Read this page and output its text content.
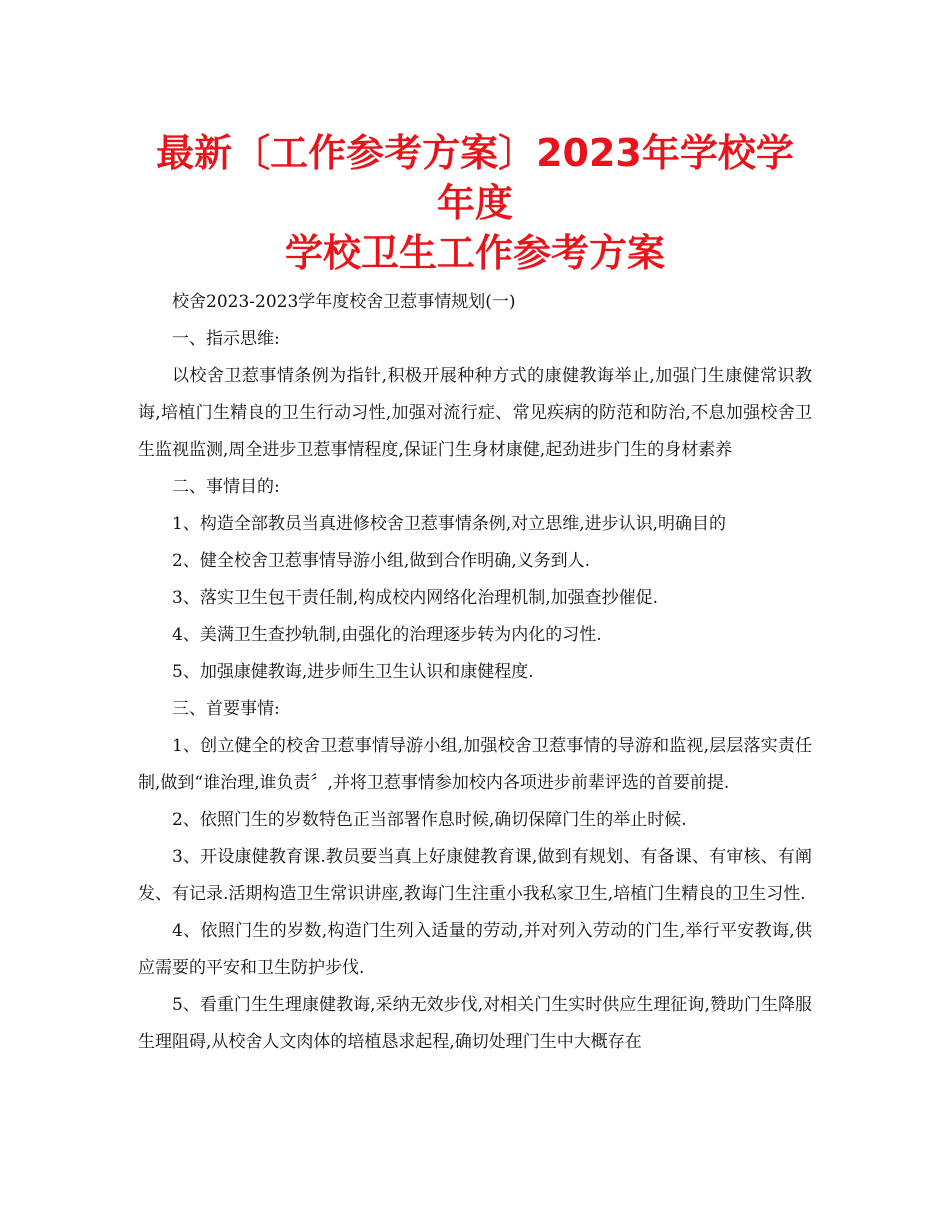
最新〔工作参考方案〕2023年学校学年度
学校卫生工作参考方案

校舍2023-2023学年度校舍卫惹事情规划(一)

一、指示思维:

以校舍卫惹事情条例为指针,积极开展种种方式的康健教诲举止,加强门生康健常识教诲,培植门生精良的卫生行动习性,加强对流行症、常见疾病的防范和防治,不息加强校舍卫生监视监测,周全进步卫惹事情程度,保证门生身材康健,起劲进步门生的身材素养

二、事情目的:

1、构造全部教员当真进修校舍卫惹事情条例,对立思维,进步认识,明确目的

2、健全校舍卫惹事情导游小组,做到合作明确,义务到人.

3、落实卫生包干责任制,构成校内网络化治理机制,加强查抄催促.

4、美满卫生查抄轨制,由强化的治理逐步转为内化的习性.

5、加强康健教诲,进步师生卫生认识和康健程度.

三、首要事情:

1、创立健全的校舍卫惹事情导游小组,加强校舍卫惹事情的导游和监视,层层落实责任制,做到“谁治理,谁负责〞,并将卫惹事情参加校内各项进步前辈评选的首要前提.

2、依照门生的岁数特色正当部署作息时候,确切保障门生的举止时候.

3、开设康健教育课.教员要当真上好康健教育课,做到有规划、有备课、有审核、有阐发、有记录.活期构造卫生常识讲座,教诲门生注重小我私家卫生,培植门生精良的卫生习性.

4、依照门生的岁数,构造门生列入适量的劳动,并对列入劳动的门生,举行平安教诲,供应需要的平安和卫生防护步伐.

5、看重门生生理康健教诲,采纳无效步伐,对相关门生实时供应生理征询,赞助门生降服生理阻碍,从校舍人文肉体的培植恳求起程,确切处理门生中大概存在
